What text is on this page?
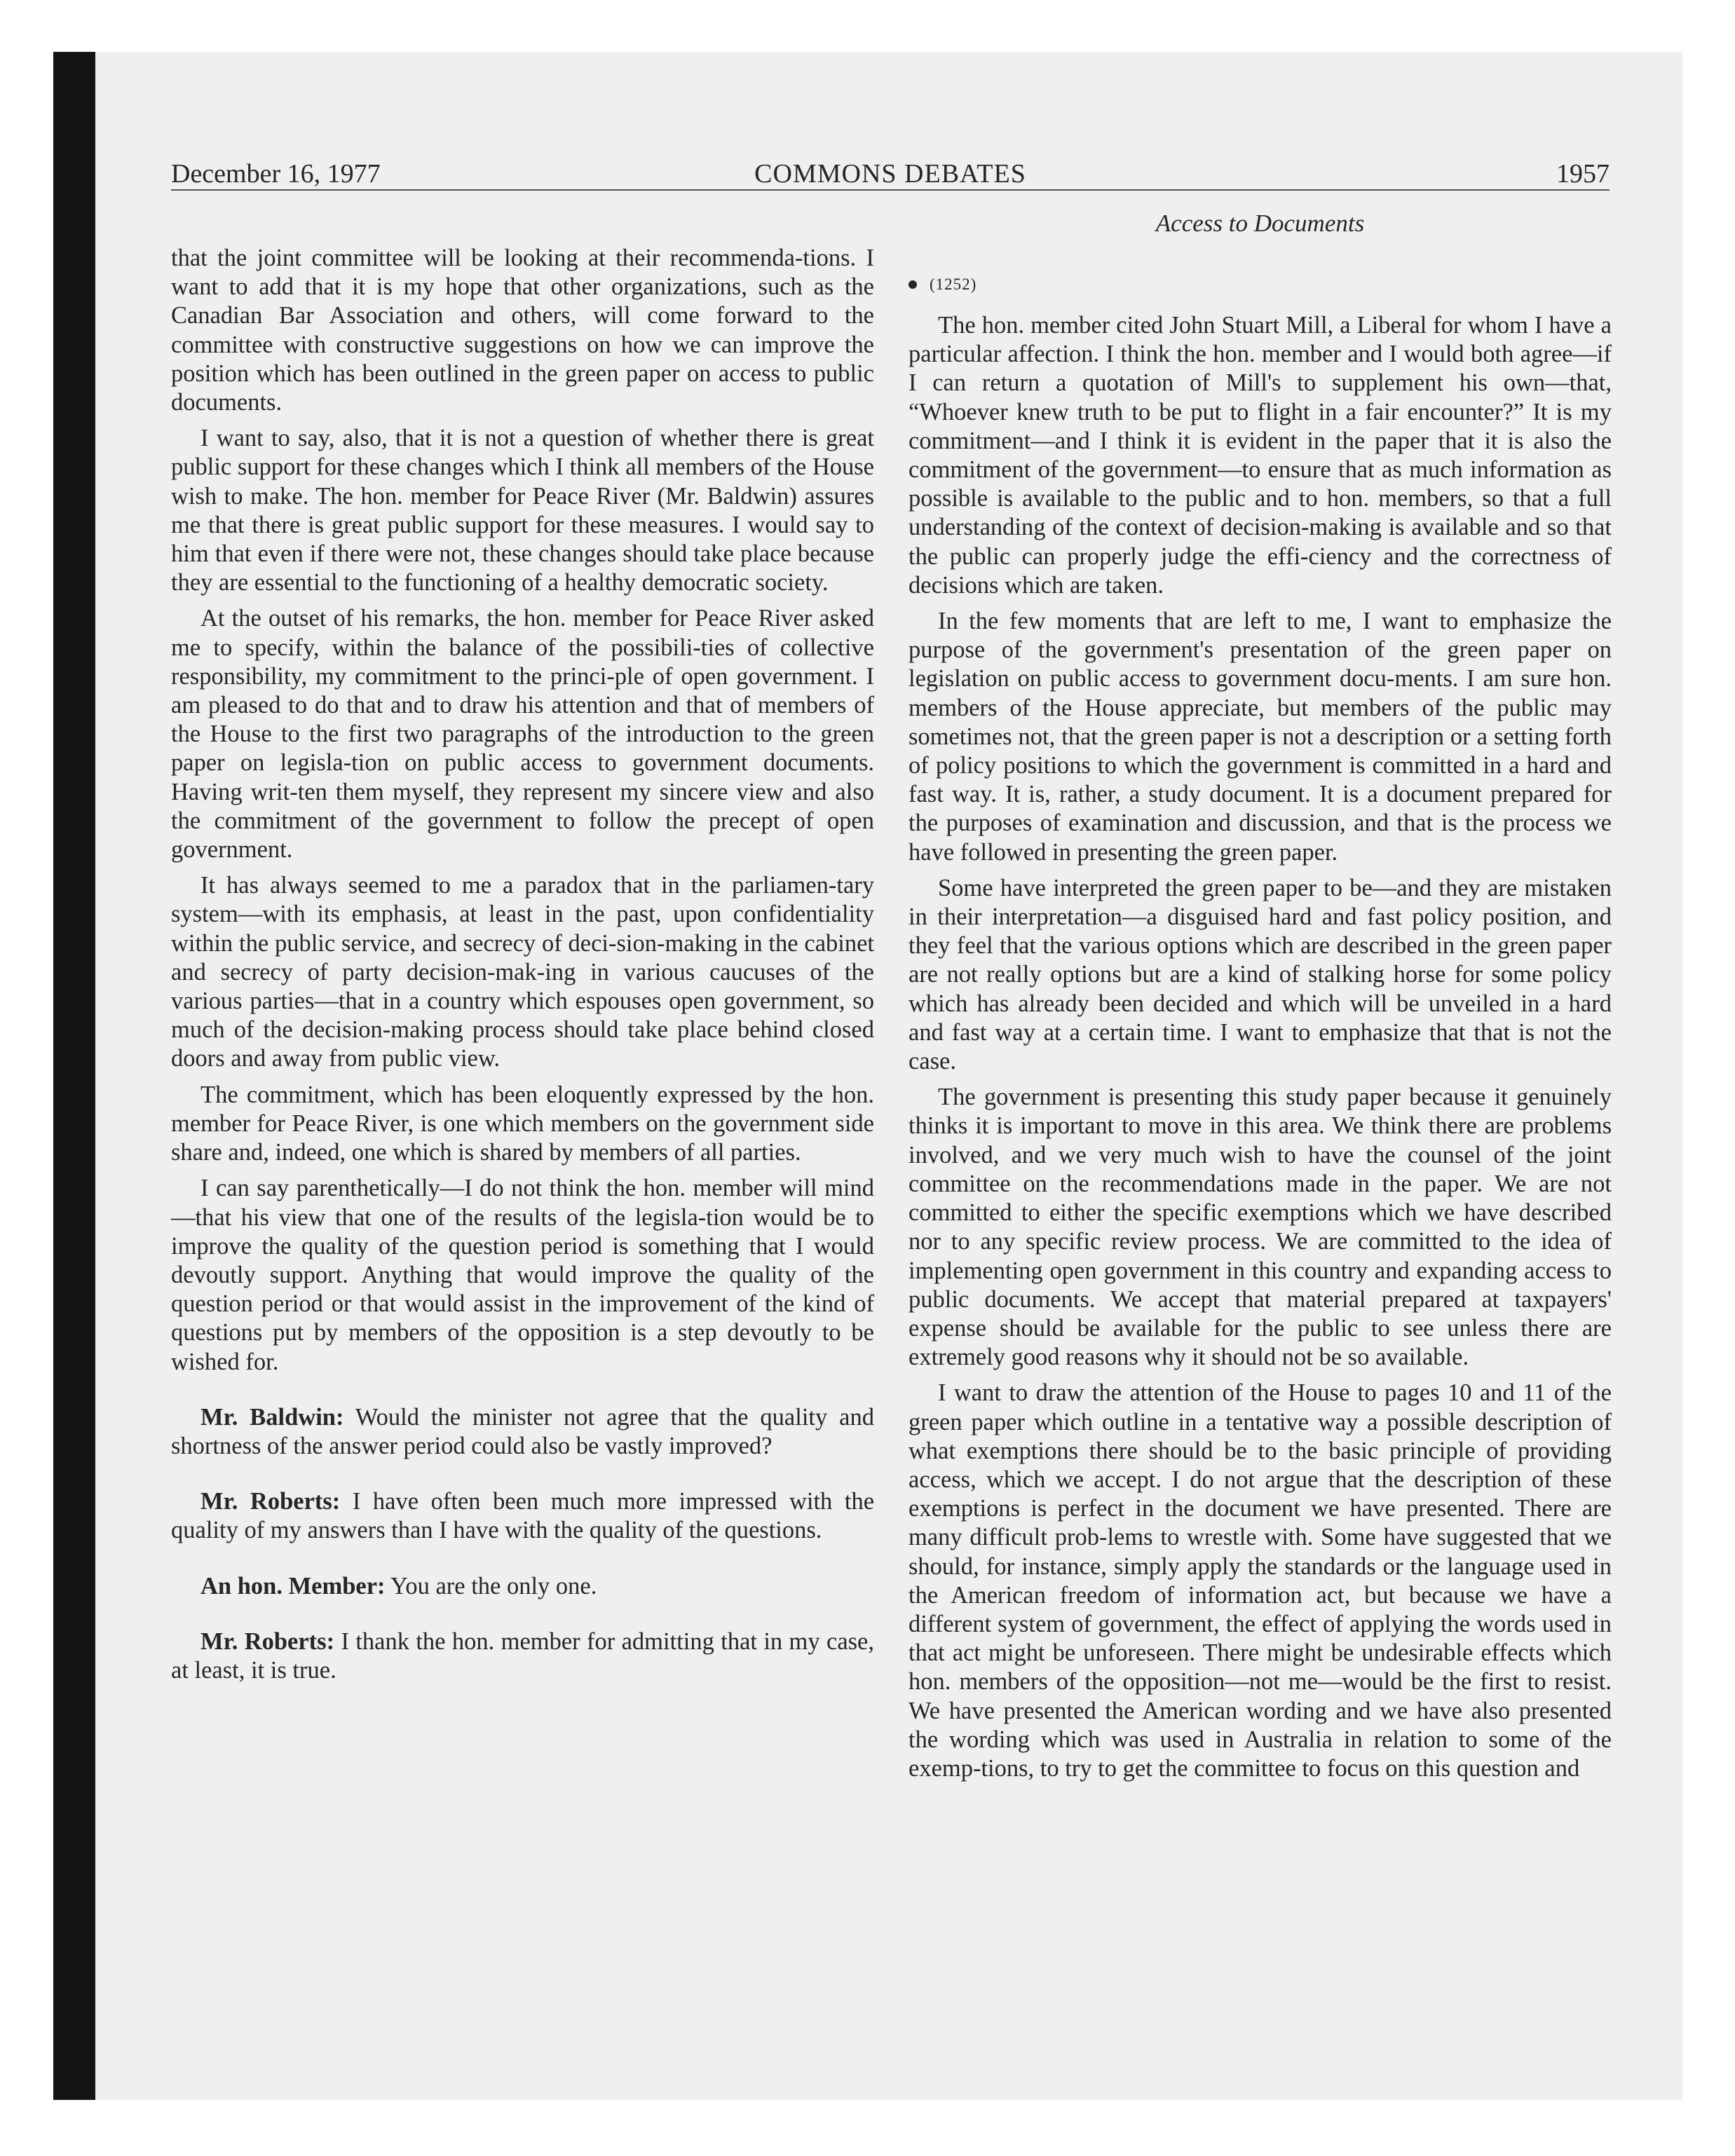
December 16, 1977	COMMONS DEBATES	1957
Access to Documents

that the joint committee will be looking at their recommenda-tions. I want to add that it is my hope that other organizations, such as the Canadian Bar Association and others, will come forward to the committee with constructive suggestions on how we can improve the position which has been outlined in the green paper on access to public documents.

I want to say, also, that it is not a question of whether there is great public support for these changes which I think all members of the House wish to make. The hon. member for Peace River (Mr. Baldwin) assures me that there is great public support for these measures. I would say to him that even if there were not, these changes should take place because they are essential to the functioning of a healthy democratic society.

At the outset of his remarks, the hon. member for Peace River asked me to specify, within the balance of the possibili-ties of collective responsibility, my commitment to the princi-ple of open government. I am pleased to do that and to draw his attention and that of members of the House to the first two paragraphs of the introduction to the green paper on legisla-tion on public access to government documents. Having writ-ten them myself, they represent my sincere view and also the commitment of the government to follow the precept of open government.

It has always seemed to me a paradox that in the parliamen-tary system—with its emphasis, at least in the past, upon confidentiality within the public service, and secrecy of deci-sion-making in the cabinet and secrecy of party decision-mak-ing in various caucuses of the various parties—that in a country which espouses open government, so much of the decision-making process should take place behind closed doors and away from public view.

The commitment, which has been eloquently expressed by the hon. member for Peace River, is one which members on the government side share and, indeed, one which is shared by members of all parties.

I can say parenthetically—I do not think the hon. member will mind—that his view that one of the results of the legisla-tion would be to improve the quality of the question period is something that I would devoutly support. Anything that would improve the quality of the question period or that would assist in the improvement of the kind of questions put by members of the opposition is a step devoutly to be wished for.

Mr. Baldwin: Would the minister not agree that the quality and shortness of the answer period could also be vastly improved?

Mr. Roberts: I have often been much more impressed with the quality of my answers than I have with the quality of the questions.

An hon. Member: You are the only one.

Mr. Roberts: I thank the hon. member for admitting that in my case, at least, it is true.

(1252)

The hon. member cited John Stuart Mill, a Liberal for whom I have a particular affection. I think the hon. member and I would both agree—if I can return a quotation of Mill's to supplement his own—that, “Whoever knew truth to be put to flight in a fair encounter?” It is my commitment—and I think it is evident in the paper that it is also the commitment of the government—to ensure that as much information as possible is available to the public and to hon. members, so that a full understanding of the context of decision-making is available and so that the public can properly judge the effi-ciency and the correctness of decisions which are taken.

In the few moments that are left to me, I want to emphasize the purpose of the government's presentation of the green paper on legislation on public access to government docu-ments. I am sure hon. members of the House appreciate, but members of the public may sometimes not, that the green paper is not a description or a setting forth of policy positions to which the government is committed in a hard and fast way. It is, rather, a study document. It is a document prepared for the purposes of examination and discussion, and that is the process we have followed in presenting the green paper.

Some have interpreted the green paper to be—and they are mistaken in their interpretation—a disguised hard and fast policy position, and they feel that the various options which are described in the green paper are not really options but are a kind of stalking horse for some policy which has already been decided and which will be unveiled in a hard and fast way at a certain time. I want to emphasize that that is not the case.

The government is presenting this study paper because it genuinely thinks it is important to move in this area. We think there are problems involved, and we very much wish to have the counsel of the joint committee on the recommendations made in the paper. We are not committed to either the specific exemptions which we have described nor to any specific review process. We are committed to the idea of implementing open government in this country and expanding access to public documents. We accept that material prepared at taxpayers' expense should be available for the public to see unless there are extremely good reasons why it should not be so available.

I want to draw the attention of the House to pages 10 and 11 of the green paper which outline in a tentative way a possible description of what exemptions there should be to the basic principle of providing access, which we accept. I do not argue that the description of these exemptions is perfect in the document we have presented. There are many difficult prob-lems to wrestle with. Some have suggested that we should, for instance, simply apply the standards or the language used in the American freedom of information act, but because we have a different system of government, the effect of applying the words used in that act might be unforeseen. There might be undesirable effects which hon. members of the opposition—not me—would be the first to resist. We have presented the American wording and we have also presented the wording which was used in Australia in relation to some of the exemp-tions, to try to get the committee to focus on this question and
